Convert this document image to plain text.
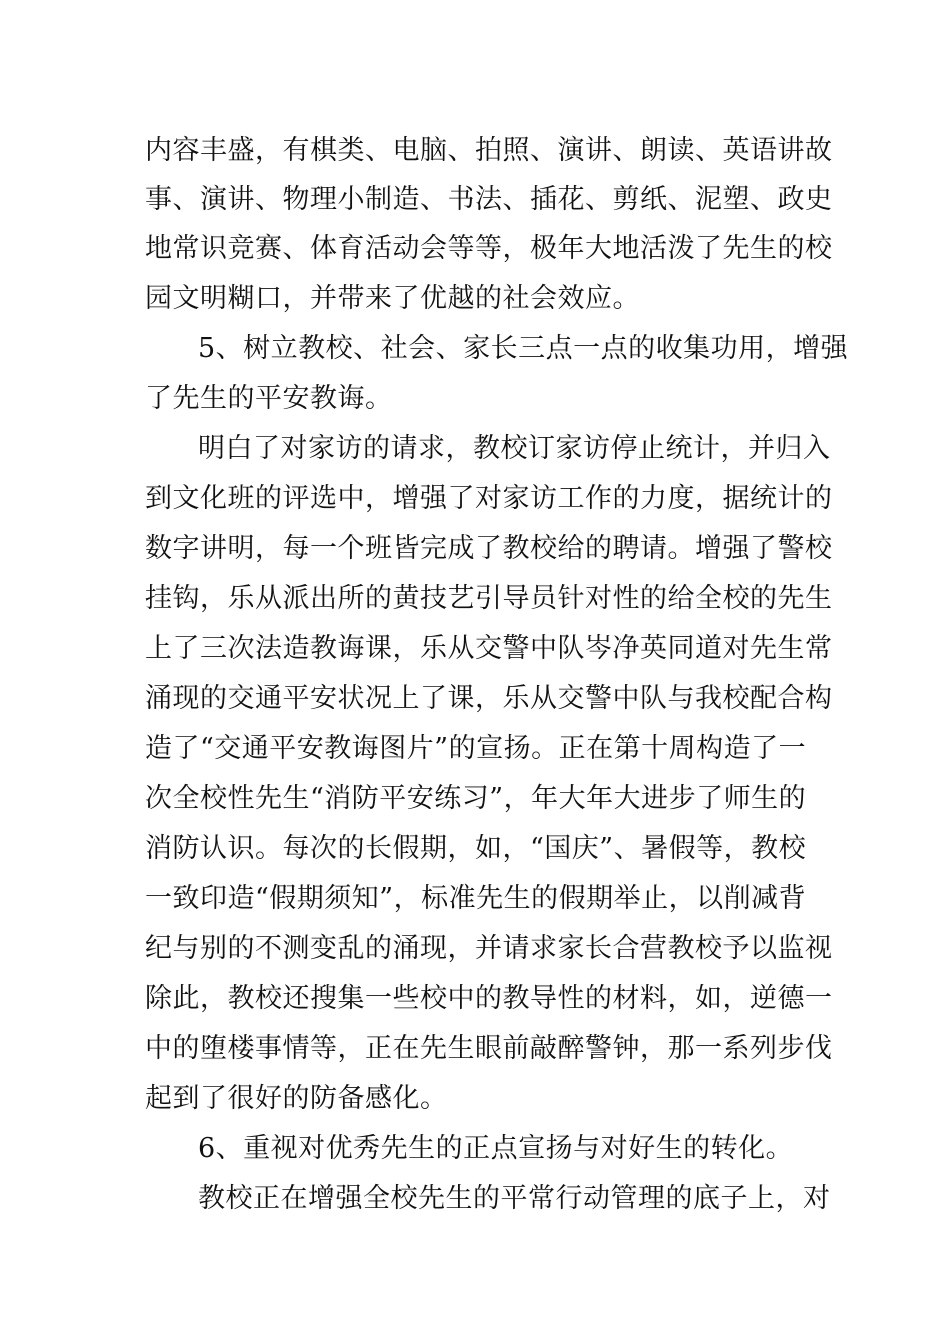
内容丰盛，有棋类、电脑、拍照、演讲、朗读、英语讲故
事、演讲、物理小制造、书法、插花、剪纸、泥塑、政史
地常识竞赛、体育活动会等等，极年大地活泼了先生的校
园文明糊口，并带来了优越的社会效应。
5、树立教校、社会、家长三点一点的收集功用，增强
了先生的平安教诲。
明白了对家访的请求，教校订家访停止统计，并归入
到文化班的评选中，增强了对家访工作的力度，据统计的
数字讲明，每一个班皆完成了教校给的聘请。增强了警校
挂钩，乐从派出所的黄技艺引导员针对性的给全校的先生
上了三次法造教诲课，乐从交警中队岑净英同道对先生常
涌现的交通平安状况上了课，乐从交警中队与我校配合构
造了“交通平安教诲图片”的宣扬。正在第十周构造了一
次全校性先生“消防平安练习”，年大年大进步了师生的
消防认识。每次的长假期，如，“国庆”、暑假等，教校
一致印造“假期须知”，标准先生的假期举止，以削减背
纪与别的不测变乱的涌现，并请求家长合营教校予以监视
除此，教校还搜集一些校中的教导性的材料，如，逆德一
中的堕楼事情等，正在先生眼前敲醉警钟，那一系列步伐
起到了很好的防备感化。
6、重视对优秀先生的正点宣扬与对好生的转化。
教校正在增强全校先生的平常行动管理的底子上，对
